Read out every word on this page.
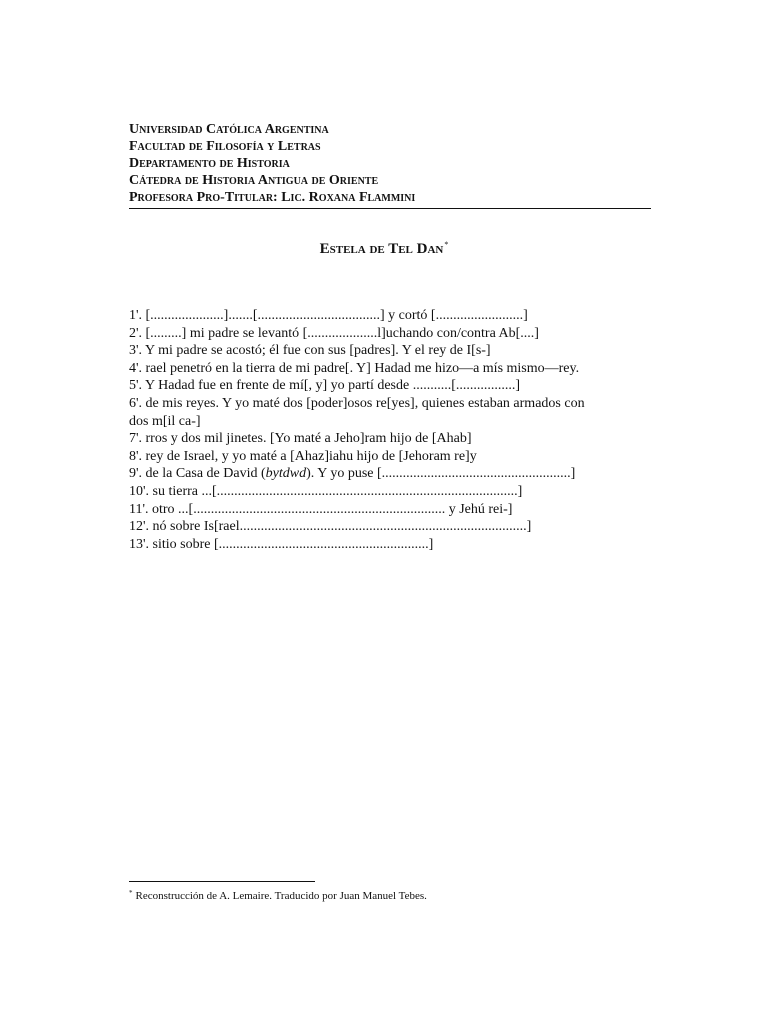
Universidad Católica Argentina
Facultad de Filosofía y Letras
Departamento de Historia
Cátedra de Historia Antigua de Oriente
Profesora Pro-Titular: Lic. Roxana Flammini
Estela de Tel Dan*
1'. [.....................].......[...................................] y cortó [.........................]
2'. [.........] mi padre se levantó [....................l]uchando con/contra Ab[....]
3'. Y mi padre se acostó; él fue con sus [padres]. Y el rey de I[s-]
4'. rael penetró en la tierra de mi padre[. Y] Hadad me hizo—a mís mismo—rey.
5'. Y Hadad fue en frente de mí[, y] yo partí desde ...........[.................]
6'. de mis reyes. Y yo maté dos [poder]osos re[yes], quienes estaban armados con
dos m[il ca-]
7'. rros y dos mil jinetes. [Yo maté a Jeho]ram hijo de [Ahab]
8'. rey de Israel, y yo maté a [Ahaz]iahu hijo de [Jehoram re]y
9'. de la Casa de David (bytdwd). Y yo puse [......................................................]
10'. su tierra ...[......................................................................................]
11'. otro ...[........................................................................ y Jehú rei-]
12'. nó sobre Is[rael..................................................................................]
13'. sitio sobre [............................................................]
* Reconstrucción de A. Lemaire. Traducido por Juan Manuel Tebes.
